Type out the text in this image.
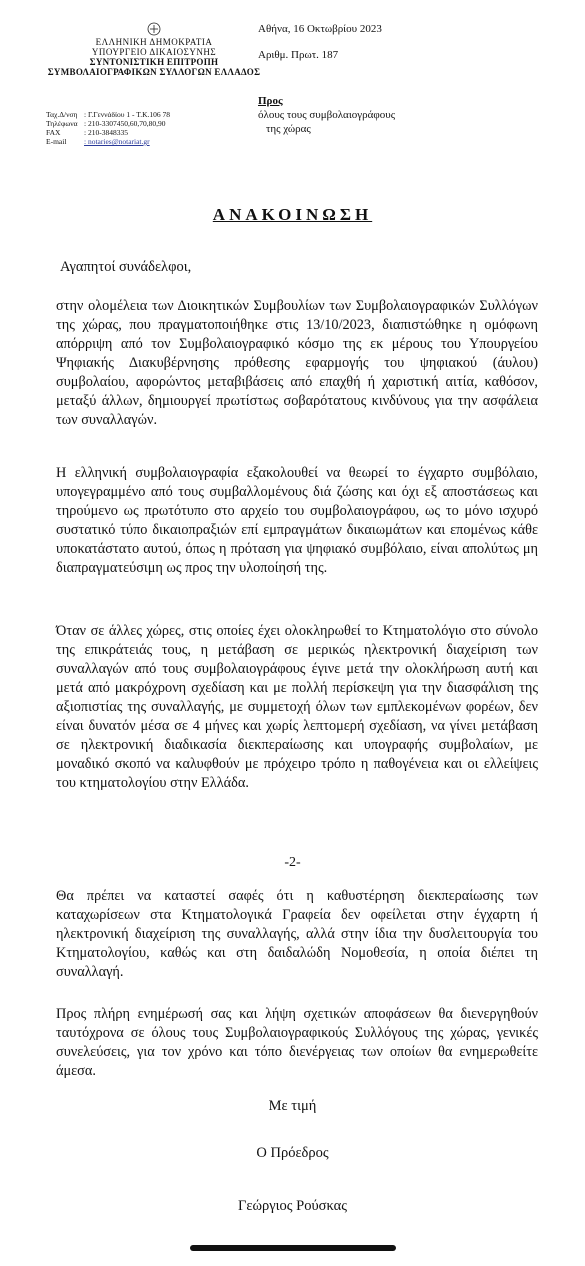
ΕΛΛΗΝΙΚΗ ΔΗΜΟΚΡΑΤΙΑ
ΥΠΟΥΡΓΕΙΟ ΔΙΚΑΙΟΣΥΝΗΣ
ΣΥΝΤΟΝΙΣΤΙΚΗ ΕΠΙΤΡΟΠΗ
ΣΥΜΒΟΛΑΙΟΓΡΑΦΙΚΩΝ ΣΥΛΛΟΓΩΝ ΕΛΛΑΔΟΣ
Ταχ.Δ/νση : Γ.Γεννάδίου 1 - Τ.Κ.106 78
Τηλέφωνα : 210-3307450,60,70,80,90
FAX	: 210-3848335
E-mail	: notaries@notariat.gr
Αθήνα, 16 Οκτωβρίου 2023
Αριθμ. Πρωτ. 187
Προς
όλους τους συμβολαιογράφους
της χώρας
ΑΝΑΚΟΙΝΩΣΗ
Αγαπητοί συνάδελφοι,
στην ολομέλεια των Διοικητικών Συμβουλίων των Συμβολαιογραφικών Συλλόγων της χώρας, που πραγματοποιήθηκε στις 13/10/2023, διαπιστώθηκε η ομόφωνη απόρριψη από τον Συμβολαιογραφικό κόσμο της εκ μέρους του Υπουργείου Ψηφιακής Διακυβέρνησης πρόθεσης εφαρμογής του ψηφιακού (άυλου) συμβολαίου, αφορώντος μεταβιβάσεις από επαχθή ή χαριστική αιτία, καθόσον, μεταξύ άλλων, δημιουργεί πρωτίστως σοβαρότατους κινδύνους για την ασφάλεια των συναλλαγών.
Η ελληνική συμβολαιογραφία εξακολουθεί να θεωρεί το έγχαρτο συμβόλαιο, υπογεγραμμένο από τους συμβαλλομένους διά ζώσης και όχι εξ αποστάσεως και τηρούμενο ως πρωτότυπο στο αρχείο του συμβολαιογράφου, ως το μόνο ισχυρό συστατικό τύπο δικαιοπραξιών επί εμπραγμάτων δικαιωμάτων και επομένως κάθε υποκατάστατο αυτού, όπως η πρόταση για ψηφιακό συμβόλαιο, είναι απολύτως μη διαπραγματεύσιμη ως προς την υλοποίησή της.
Όταν σε άλλες χώρες, στις οποίες έχει ολοκληρωθεί το Κτηματολόγιο στο σύνολο της επικράτειάς τους, η μετάβαση σε μερικώς ηλεκτρονική διαχείριση των συναλλαγών από τους συμβολαιογράφους έγινε μετά την ολοκλήρωση αυτή και μετά από μακρόχρονη σχεδίαση και με πολλή περίσκεψη για την διασφάλιση της αξιοπιστίας της συναλλαγής, με συμμετοχή όλων των εμπλεκομένων φορέων, δεν είναι δυνατόν μέσα σε 4 μήνες και χωρίς λεπτομερή σχεδίαση, να γίνει μετάβαση σε ηλεκτρονική διαδικασία διεκπεραίωσης και υπογραφής συμβολαίων, με μοναδικό σκοπό να καλυφθούν με πρόχειρο τρόπο η παθογένεια και οι ελλείψεις του κτηματολογίου στην Ελλάδα.
-2-
Θα πρέπει να καταστεί σαφές ότι η καθυστέρηση διεκπεραίωσης των καταχωρίσεων στα Κτηματολογικά Γραφεία δεν οφείλεται στην έγχαρτη ή ηλεκτρονική διαχείριση της συναλλαγής, αλλά στην ίδια την δυσλειτουργία του Κτηματολογίου, καθώς και στη δαιδαλώδη Νομοθεσία, η οποία διέπει τη συναλλαγή.
Προς πλήρη ενημέρωσή σας και λήψη σχετικών αποφάσεων θα διενεργηθούν ταυτόχρονα σε όλους τους Συμβολαιογραφικούς Συλλόγους της χώρας, γενικές συνελεύσεις, για τον χρόνο και τόπο διενέργειας των οποίων θα ενημερωθείτε άμεσα.
Με τιμή
Ο Πρόεδρος
Γεώργιος Ρούσκας
